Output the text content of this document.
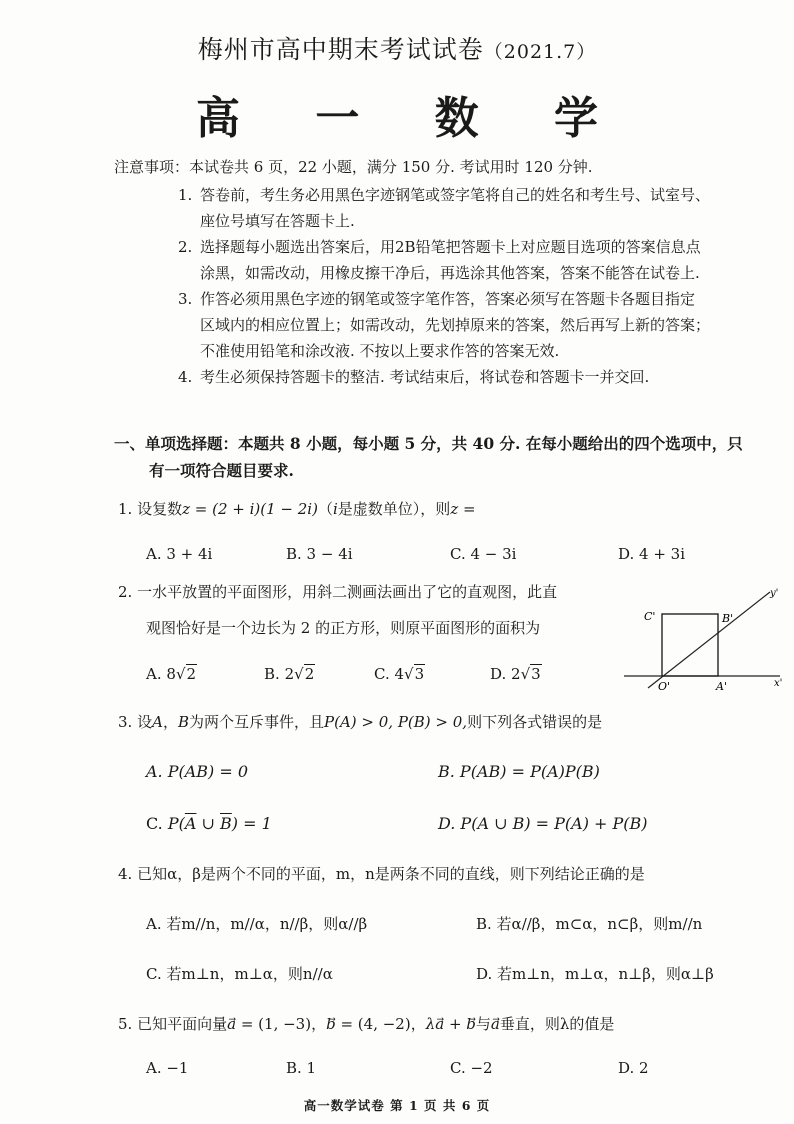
梅州市高中期末考试试卷（2021.7）
高 一 数 学
注意事项：本试卷共 6 页，22 小题，满分 150 分. 考试用时 120 分钟.
1. 答卷前，考生务必用黑色字迹钢笔或签字笔将自己的姓名和考生号、试室号、
座位号填写在答题卡上.
2. 选择题每小题选出答案后，用2B铅笔把答题卡上对应题目选项的答案信息点
涂黑，如需改动，用橡皮擦干净后，再选涂其他答案，答案不能答在试卷上.
3. 作答必须用黑色字迹的钢笔或签字笔作答，答案必须写在答题卡各题目指定
区域内的相应位置上；如需改动，先划掉原来的答案，然后再写上新的答案；
不准使用铅笔和涂改液. 不按以上要求作答的答案无效.
4. 考生必须保持答题卡的整洁. 考试结束后，将试卷和答题卡一并交回.
一、单项选择题：本题共 8 小题，每小题 5 分，共 40 分. 在每小题给出的四个选项中，只
有一项符合题目要求.
1. 设复数z = (2 + i)(1 − 2i)（i是虚数单位），则z =
A. 3 + 4i	B. 3 − 4i	C. 4 − 3i	D. 4 + 3i
2. 一水平放置的平面图形，用斜二测画法画出了它的直观图，此直
观图恰好是一个边长为 2 的正方形，则原平面图形的面积为
A. 8√2	B. 2√2	C. 4√3	D. 2√3
C'	B'
O'	A'	x'
y'
3. 设A，B为两个互斥事件，且P(A) > 0, P(B) > 0,则下列各式错误的是
A. P(AB) = 0	B. P(AB) = P(A)P(B)
C. $P(\overline{A}$ ∪ $\overline{B}) = 1$	D. P(A ∪ B) = P(A) + P(B)
4. 已知α，β是两个不同的平面，m，n是两条不同的直线，则下列结论正确的是
A. 若m//n，m//α，n//β，则α//β	B. 若α//β，m⊂α，n⊂β，则m//n
C. 若m⊥n，m⊥α，则n//α	D. 若m⊥n，m⊥α，n⊥β，则α⊥β
5. 已知平面向量a = (1, −3)，b = (4, −2)，λa + b与a垂直，则λ的值是
A. −1	B. 1	C. −2	D. 2
高一数学试卷 第 1 页 共 6 页
